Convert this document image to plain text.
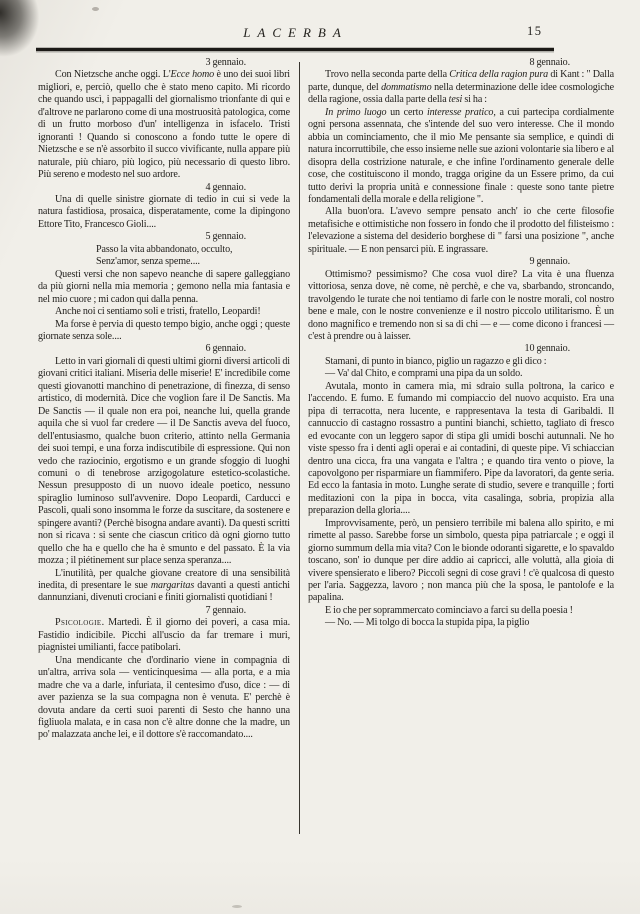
LACERBA	15
3 gennaio.

Con Nietzsche anche oggi. L'Ecce homo è uno dei suoi libri migliori, e, perciò, quello che è stato meno capito. Mi ricordo che quando uscì, i pappagalli del giornalismo trionfante di qui e d'altrove ne parlarono come di una mostruosità patologica, come di un frutto morboso d'un' intelligenza in isfacelo. Tristi ignoranti ! Quando si conoscono a fondo tutte le opere di Nietzsche e se n'è assorbito il succo vivificante, nulla appare più naturale, più chiaro, più logico, più necessario di questo libro. Più sereno e modesto nel suo ardore.

4 gennaio.

Una di quelle sinistre giornate di tedio in cui si vede la natura fastidiosa, prosaica, disperatamente, come la dipingono Ettore Tito, Francesco Gioli....

5 gennaio.
Passo la vita abbandonato, occulto,
Senz'amor, senza speme....

Questi versi che non sapevo neanche di sapere galleggiano da più giorni nella mia memoria ; gemono nella mia fantasia e nel mio cuore ; mi cadon qui dalla penna.

Anche noi ci sentiamo soli e tristi, fratello, Leopardi!

Ma forse è pervia di questo tempo bigio, anche oggi ; queste giornate senza sole....

6 gennaio.

Letto in vari giornali di questi ultimi giorni diversi articoli di giovani critici italiani. Miseria delle miserie! E' incredibile come questi giovanotti manchino di penetrazione, di finezza, di senso artistico, di modernità. Dice che voglion fare il De Sanctis. Ma De Sanctis — il quale non era poi, neanche lui, quella grande aquila che si vuol far credere — il De Sanctis aveva del fuoco, dell'entusiasmo, qualche buon criterio, attinto nella Germania dei suoi tempi, e una forza indiscutibile di espressione. Qui non vedo che raziocinio, ergotismo e un grande sfoggio di luoghi comuni o di tenebrose arzigogolature estetico-scolastiche. Nessun presupposto di un nuovo ideale poetico, nessuno spiraglio luminoso sull'avvenire. Dopo Leopardi, Carducci e Pascoli, quali sono insomma le forze da suscitare, da sostenere e spingere avanti? (Perchè bisogna andare avanti). Da questi scritti non si ricava : si sente che ciascun critico dà ogni giorno tutto quello che ha e quello che ha è smunto e del passato. È la via mozza ; il piétinement sur place senza speranza....

L'inutilità, per qualche giovane creatore di una sensibilità inedita, di presentare le sue margaritas davanti a questi antichi dannunziani, divenuti crociani e finiti giornalisti quotidiani !

7 gennaio.

Psicologie. Martedì. È il giorno dei poveri, a casa mia. Fastidio indicibile. Picchi all'uscio da far tremare i muri, piagnistei umilianti, facce patibolari.

Una mendicante che d'ordinario viene in compagnia di un'altra, arriva sola — venticinquesima — alla porta, e a mia madre che va a darle, infuriata, il centesimo d'uso, dice : — di aver pazienza se la sua compagna non è venuta. E' perchè è dovuta andare da certi suoi parenti di Sesto che hanno una figliuola malata, e in casa non c'è altre donne che la madre, un po' malazzata anche lei, e il dottore s'è raccomandato....

8 gennaio.

Trovo nella seconda parte della Critica della ragion pura di Kant : " Dalla parte, dunque, del dommatismo nella determinazione delle idee cosmologiche della ragione, ossia dalla parte della tesi si ha :

In primo luogo un certo interesse pratico, a cui partecipa cordialmente ogni persona assennata, che s'intende del suo vero interesse. Che il mondo abbia un cominciamento, che il mio Me pensante sia semplice, e quindi di natura incorruttibile, che esso insieme nelle sue azioni volontarie sia libero e al disopra della costrizione naturale, e che infine l'ordinamento generale delle cose, che costituiscono il mondo, tragga origine da un Essere primo, da cui tutto derivi la propria unità e connessione finale : queste sono tante pietre fondamentali della morale e della religione ".

Alla buon'ora. L'avevo sempre pensato anch' io che certe filosofie metafisiche e ottimistiche non fossero in fondo che il prodotto del filisteismo : l'elevazione a sistema del desiderio borghese di " farsi una posizione ", anche spirituale. — E non pensarci più. E ingrassare.

9 gennaio.

Ottimismo? pessimismo? Che cosa vuol dire? La vita è una fluenza vittoriosa, senza dove, nè come, nè perchè, e che va, sbarbando, stroncando, travolgendo le turate che noi tentiamo di farle con le nostre morali, col nostro bene e male, con le nostre convenienze e il nostro piccolo utilitarismo. È un dono magnifico e tremendo non si sa di chi — e — come dicono i francesi — c'est à prendre ou à laisser.

10 gennaio.

Stamani, di punto in bianco, piglio un ragazzo e gli dico :

— Va' dal Chito, e comprami una pipa da un soldo.

Avutala, monto in camera mia, mi sdraio sulla poltrona, la carico e l'accendo. E fumo. E fumando mi compiaccio del nuovo acquisto. Era una pipa di terracotta, nera lucente, e rappresentava la testa di Garibaldi. Il cannuccio di castagno rossastro a puntini bianchi, schietto, tagliato di fresco ed evocante con un leggero sapor di stipa gli umidi boschi autunnali. Ne ho viste spesso fra i denti agli operai e ai contadini, di queste pipe. Vi schiaccian dentro una cicca, fra una vangata e l'altra ; e quando tira vento o piove, la capovolgono per risparmiare un fiammifero. Pipe da lavoratori, da gente seria. Ed ecco la fantasia in moto. Lunghe serate di studio, severe e tranquille ; forti meditazioni con la pipa in bocca, vita casalinga, sobria, propizia alla preparazion della gloria....

Improvvisamente, però, un pensiero terribile mi balena allo spirito, e mi rimette al passo. Sarebbe forse un simbolo, questa pipa patriarcale ; e oggi il giorno summum della mia vita? Con le bionde odoranti sigarette, e lo spavaldo toscano, son' io dunque per dire addio ai capricci, alle voluttà, alla gioia di vivere spensierato e libero? Piccoli segni di cose gravi ! c'è qualcosa di questo per l'aria. Saggezza, lavoro ; non manca più che la sposa, le pantolofe e la papalina.

E io che per soprammercato cominciavo a farci su della poesia !

— No. — Mi tolgo di bocca la stupida pipa, la piglio
